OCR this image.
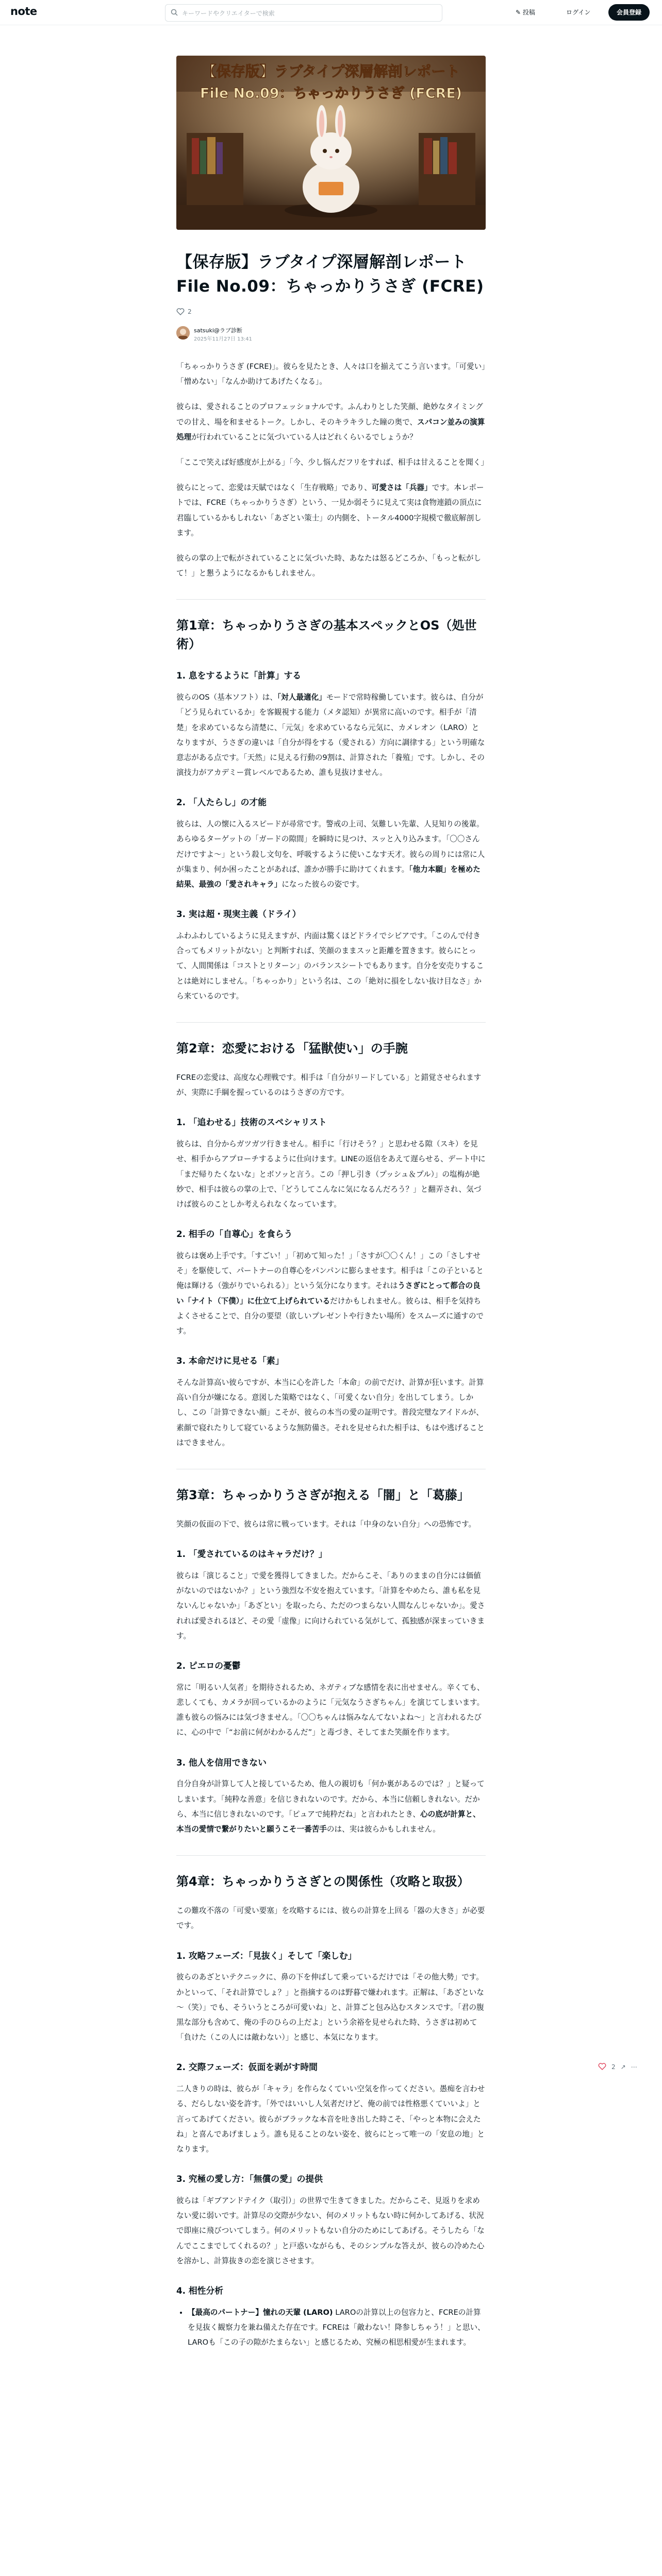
note	キーワードやクリエイターで検索	✎ 投稿	ログイン	会員登録
【保存版】ラブタイプ深層解剖レポート
File No.09：ちゃっかりうさぎ (FCRE)
【保存版】ラブタイプ深層解剖レポート File No.09：ちゃっかりうさぎ (FCRE)
2
satsuki@ラブ診断
2025年11月27日 13:41

「ちゃっかりうさぎ (FCRE)」。彼らを見たとき、人々は口を揃えてこう言います。「可愛い」「憎めない」「なんか助けてあげたくなる」。

彼らは、愛されることのプロフェッショナルです。ふんわりとした笑顔、絶妙なタイミングでの甘え、場を和ませるトーク。しかし、そのキラキラした瞳の奥で、スパコン並みの演算処理が行われていることに気づいている人はどれくらいるでしょうか？

「ここで笑えば好感度が上がる」「今、少し悩んだフリをすれば、相手は甘えることを聞く」

彼らにとって、恋愛は天賦ではなく「生存戦略」であり、可愛さは「兵器」です。本レポートでは、FCRE（ちゃっかりうさぎ）という、一見か弱そうに見えて実は食物連鎖の頂点に君臨しているかもしれない「あざとい策士」の内側を、トータル4000字規模で徹底解剖します。

彼らの掌の上で転がされていることに気づいた時、あなたは怒るどころか、「もっと転がして！」と懇うようになるかもしれません。

第1章：ちゃっかりうさぎの基本スペックとOS（処世術）
1. 息をするように「計算」する

彼らのOS（基本ソフト）は、「対人最適化」モードで常時稼働しています。彼らは、自分が「どう見られているか」を客観視する能力（メタ認知）が異常に高いのです。相手が「清楚」を求めているなら清楚に、「元気」を求めているなら元気に、カメレオン（LARO）となりますが、うさぎの違いは「自分が得をする（愛される）方向に調律する」という明確な意志がある点です。「天然」に見える行動の9割は、計算された「養殖」です。しかし、その演技力がアカデミー賞レベルであるため、誰も見抜けません。

2. 「人たらし」の才能

彼らは、人の懐に入るスピードが尋常です。警戒の上司、気難しい先輩、人見知りの後輩。あらゆるターゲットの「ガードの隙間」を瞬時に見つけ、スッと入り込みます。「〇〇さんだけですよ～」という殺し文句を、呼吸するように使いこなす天才。彼らの周りには常に人が集まり、何か困ったことがあれば、誰かが勝手に助けてくれます。「他力本願」を極めた結果、最強の「愛されキャラ」になった彼らの姿です。

3. 実は超・現実主義（ドライ）

ふわふわしているように見えますが、内面は驚くほどドライでシビアです。「このんで付き合ってもメリットがない」と判断すれば、笑顔のままスッと距離を置きます。彼らにとって、人間関係は「コストとリターン」のバランスシートでもあります。自分を安売りすることは絶対にしません。「ちゃっかり」という名は、この「絶対に損をしない抜け目なさ」から来ているのです。

第2章：恋愛における「猛獣使い」の手腕

FCREの恋愛は、高度な心理戦です。相手は「自分がリードしている」と錯覚させられますが、実際に手綱を握っているのはうさぎの方です。

1. 「追わせる」技術のスペシャリスト

彼らは、自分からガツガツ行きません。相手に「行けそう？」と思わせる隙（スキ）を見せ、相手からアプローチするように仕向けます。LINEの返信をあえて遅らせる、デート中に「まだ帰りたくないな」とボソッと言う。この「押し引き（プッシュ＆プル）」の塩梅が絶妙で、相手は彼らの掌の上で、「どうしてこんなに気になるんだろう？」と翻弄され、気づけば彼らのことしか考えられなくなっています。

2. 相手の「自尊心」を食らう

彼らは褒め上手です。「すごい！」「初めて知った！」「さすが〇〇くん！」この「さしすせそ」を駆使して、パートナーの自尊心をパンパンに膨らませます。相手は「この子といると俺は輝ける（強がりでいられる）」という気分になります。それはうさぎにとって都合の良い「ナイト（下僕）」に仕立て上げられているだけかもしれません。彼らは、相手を気持ちよくさせることで、自分の要望（欲しいプレゼントや行きたい場所）をスムーズに通すのです。

3. 本命だけに見せる「素」

そんな計算高い彼らですが、本当に心を許した「本命」の前でだけ、計算が狂います。計算高い自分が嫌になる。意図した策略ではなく、「可愛くない自分」を出してしまう。しかし、この「計算できない顔」こそが、彼らの本当の愛の証明です。普段完璧なアイドルが、素顔で寝れたりして寝ているような無防備さ。それを見せられた相手は、もはや逃げることはできません。

第3章：ちゃっかりうさぎが抱える「闇」と「葛藤」

笑顔の仮面の下で、彼らは常に戦っています。それは「中身のない自分」への恐怖です。

1. 「愛されているのはキャラだけ？」

彼らは「演じること」で愛を獲得してきました。だからこそ、「ありのままの自分には価値がないのではないか？」という強烈な不安を抱えています。「計算をやめたら、誰も私を見ないんじゃないか」「あざとい」を取ったら、ただのつまらない人間なんじゃないか」。愛されれば愛されるほど、その愛「虚像」に向けられている気がして、孤独感が深まっていきます。

2. ピエロの憂鬱

常に「明るい人気者」を期待されるため、ネガティブな感情を表に出せません。辛くても、悲しくても、カメラが回っているかのように「元気なうさぎちゃん」を演じてしまいます。誰も彼らの悩みには気づきません。「〇〇ちゃんは悩みなんてないよね～」と言われるたびに、心の中で「“お前に何がわかるんだ”」と毒づき、そしてまた笑顔を作ります。

3. 他人を信用できない

自分自身が計算して人と接しているため、他人の親切も「何か裏があるのでは？」と疑ってしまいます。「純粋な善意」を信じきれないのです。だから、本当に信頼しきれない。だから、本当に信じきれないのです。「ピュアで純粋だね」と言われたとき、心の底が計算と、本当の愛情で繋がりたいと願うこそ一番苦手のは、実は彼らかもしれません。

第4章：ちゃっかりうさぎとの関係性（攻略と取扱）

この難攻不落の「可愛い要塞」を攻略するには、彼らの計算を上回る「器の大きさ」が必要です。

1. 攻略フェーズ：「見抜く」そして「楽しむ」

彼らのあざといテクニックに、鼻の下を伸ばして乗っているだけでは「その他大勢」です。かといって、「それ計算でしょ？」と指摘するのは野暮で嫌われます。正解は、「あざといな～（笑）」でも、そういうところが可愛いね」と、計算ごと包み込むスタンスです。「君の腹黒な部分も含めて、俺の手のひらの上だよ」という余裕を見せられた時、うさぎは初めて「負けた（この人には敵わない）」と感じ、本気になります。

2. 交際フェーズ：仮面を剥がす時間

二人きりの時は、彼らが「キャラ」を作らなくていい空気を作ってください。愚痴を言わせる、だらしない姿を許す。「外ではいいし人気者だけど、俺の前では性格悪くていいよ」と言ってあげてください。彼らがブラックな本音を吐き出した時こそ、「やっと本物に会えたね」と喜んであげましょう。誰も見ることのない姿を、彼らにとって唯一の「安息の地」となります。

3. 究極の愛し方：「無償の愛」の提供

彼らは「ギブアンドテイク（取引）」の世界で生きてきました。だからこそ、見返りを求めない愛に弱いです。計算尽の交際が少ない、何のメリットもない時に何かしてあげる、状況で即座に飛びついてしまう。何のメリットもない自分のためにしてあげる。そうしたら「なんでここまでしてくれるの？」と戸惑いながらも、そのシンプルな答えが、彼らの冷めた心を溶かし、計算抜きの恋を演じさせます。

4. 相性分析
• 【最高のパートナー】憧れの天輩 (LARO) LAROの計算以上の包容力と、FCREの計算を見抜く観察力を兼ね備えた存在です。FCREは「敵わない！降参しちゃう！」と思い、LAROも「この子の隙がたまらない」と感じるため、究極の相思相愛が生まれます。
2 ↗ ⋯
